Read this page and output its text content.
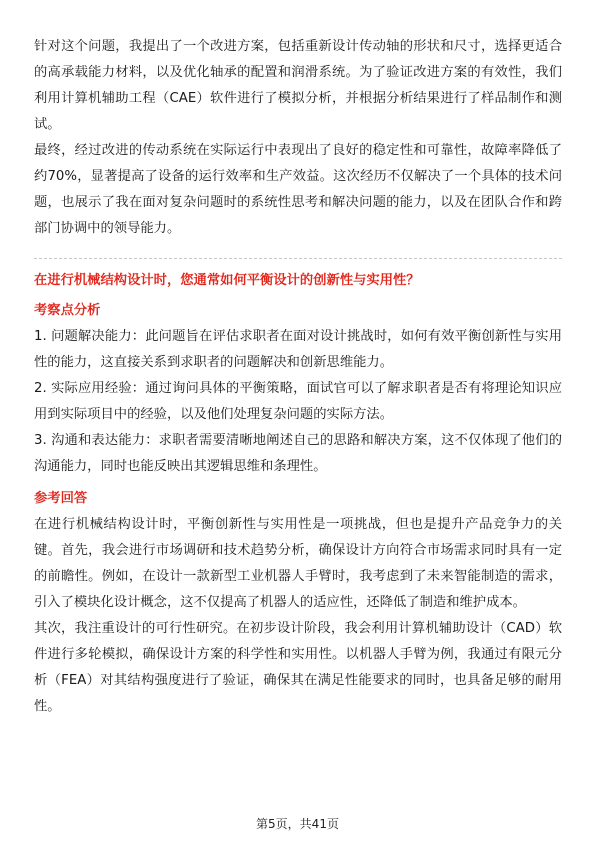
针对这个问题，我提出了一个改进方案，包括重新设计传动轴的形状和尺寸，选择更适合的高承载能力材料，以及优化轴承的配置和润滑系统。为了验证改进方案的有效性，我们利用计算机辅助工程（CAE）软件进行了模拟分析，并根据分析结果进行了样品制作和测试。

最终，经过改进的传动系统在实际运行中表现出了良好的稳定性和可靠性，故障率降低了约70%，显著提高了设备的运行效率和生产效益。这次经历不仅解决了一个具体的技术问题，也展示了我在面对复杂问题时的系统性思考和解决问题的能力，以及在团队合作和跨部门协调中的领导能力。

在进行机械结构设计时，您通常如何平衡设计的创新性与实用性？

考察点分析

1. 问题解决能力：此问题旨在评估求职者在面对设计挑战时，如何有效平衡创新性与实用性的能力，这直接关系到求职者的问题解决和创新思维能力。

2. 实际应用经验：通过询问具体的平衡策略，面试官可以了解求职者是否有将理论知识应用到实际项目中的经验，以及他们处理复杂问题的实际方法。

3. 沟通和表达能力：求职者需要清晰地阐述自己的思路和解决方案，这不仅体现了他们的沟通能力，同时也能反映出其逻辑思维和条理性。

参考回答

在进行机械结构设计时，平衡创新性与实用性是一项挑战，但也是提升产品竞争力的关键。首先，我会进行市场调研和技术趋势分析，确保设计方向符合市场需求同时具有一定的前瞻性。例如，在设计一款新型工业机器人手臂时，我考虑到了未来智能制造的需求，引入了模块化设计概念，这不仅提高了机器人的适应性，还降低了制造和维护成本。

其次，我注重设计的可行性研究。在初步设计阶段，我会利用计算机辅助设计（CAD）软件进行多轮模拟，确保设计方案的科学性和实用性。以机器人手臂为例，我通过有限元分析（FEA）对其结构强度进行了验证，确保其在满足性能要求的同时，也具备足够的耐用性。

第5页，共41页
